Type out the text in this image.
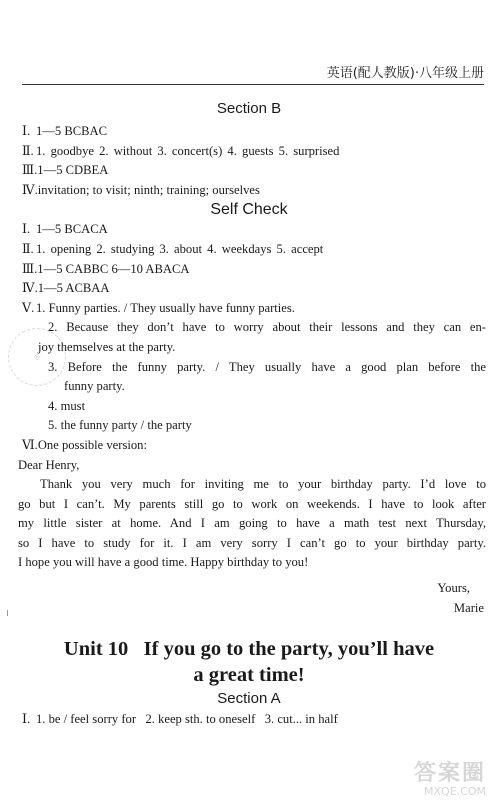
英语(配人教版)·八年级上册
◎

Section B

Ⅰ. 1—5 BCBAC

Ⅱ. 1. goodbye 2. without 3. concert(s) 4. guests 5. surprised

Ⅲ.1—5 CDBEA

Ⅳ.invitation; to visit; ninth; training; ourselves

Self Check

Ⅰ. 1—5 BCACA

Ⅱ. 1. opening 2. studying 3. about 4. weekdays 5. accept

Ⅲ.1—5 CABBC 6—10 ABACA

Ⅳ.1—5 ACBAA

Ⅴ. 1. Funny parties. / They usually have funny parties.

2. Because they don’t have to worry about their lessons and they can en-

joy themselves at the party.

3. Before the funny party. / They usually have a good plan before the

funny party.

4. must

5. the funny party / the party

Ⅵ.One possible version:

Dear Henry,

Thank you very much for inviting me to your birthday party. I’d love to

go but I can’t. My parents still go to work on weekends. I have to look after

my little sister at home. And I am going to have a math test next Thursday,

so I have to study for it. I am very sorry I can’t go to your birthday party.

I hope you will have a good time. Happy birthday to you!

Yours,

Marie

Unit 10   If you go to the party, you’ll have

a great time!

Section A

Ⅰ. 1. be / feel sorry for   2. keep sth. to oneself   3. cut... in half

答案圈
MXQE.COM
